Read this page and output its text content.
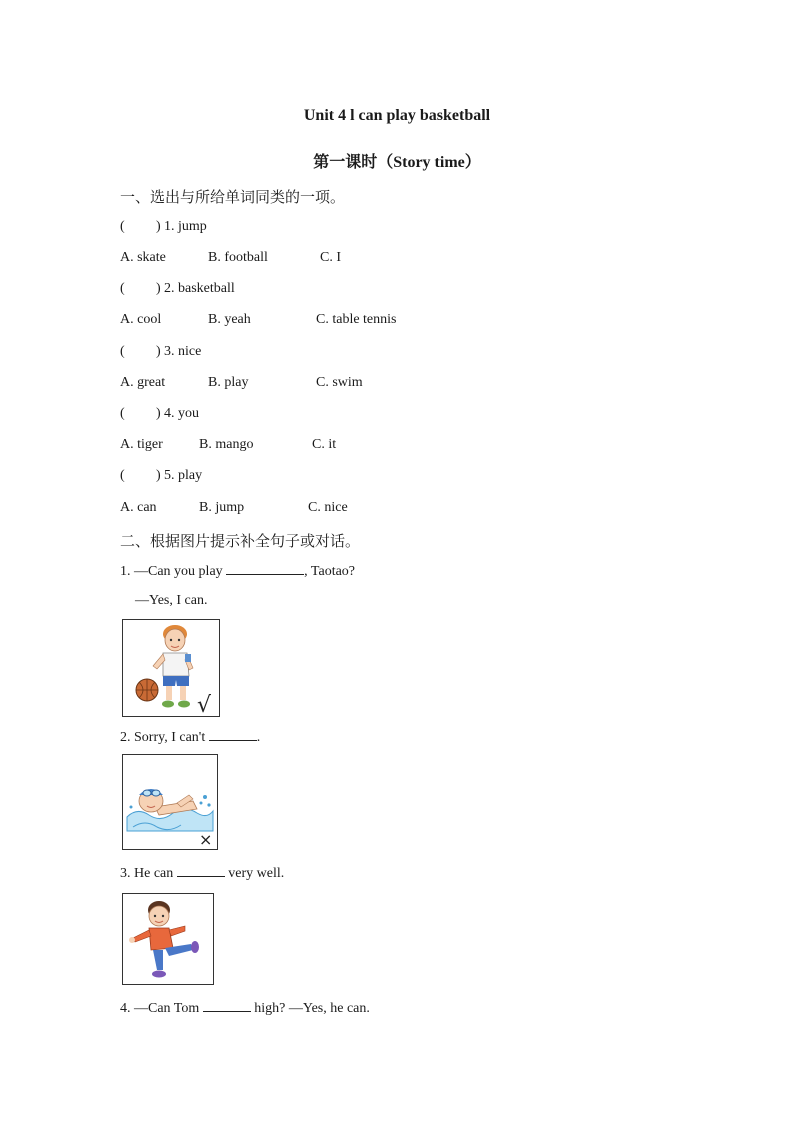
Unit 4 l can play basketball
第一课时（Story time）
一、选出与所给单词同类的一项。
( ) 1. jump
A. skate	B. football	C. I
( ) 2. basketball
A. cool	B. yeah	C. table tennis
( ) 3. nice
A. great	B. play	C. swim
( ) 4. you
A. tiger	B. mango	C. it
( ) 5. play
A. can	B. jump	C. nice
二、根据图片提示补全句子或对话。
1. —Can you play	, Taotao?
—Yes, I can.
√
2. Sorry, I can't	.
×
3. He can	very well.
4. —Can Tom	high? —Yes, he can.
